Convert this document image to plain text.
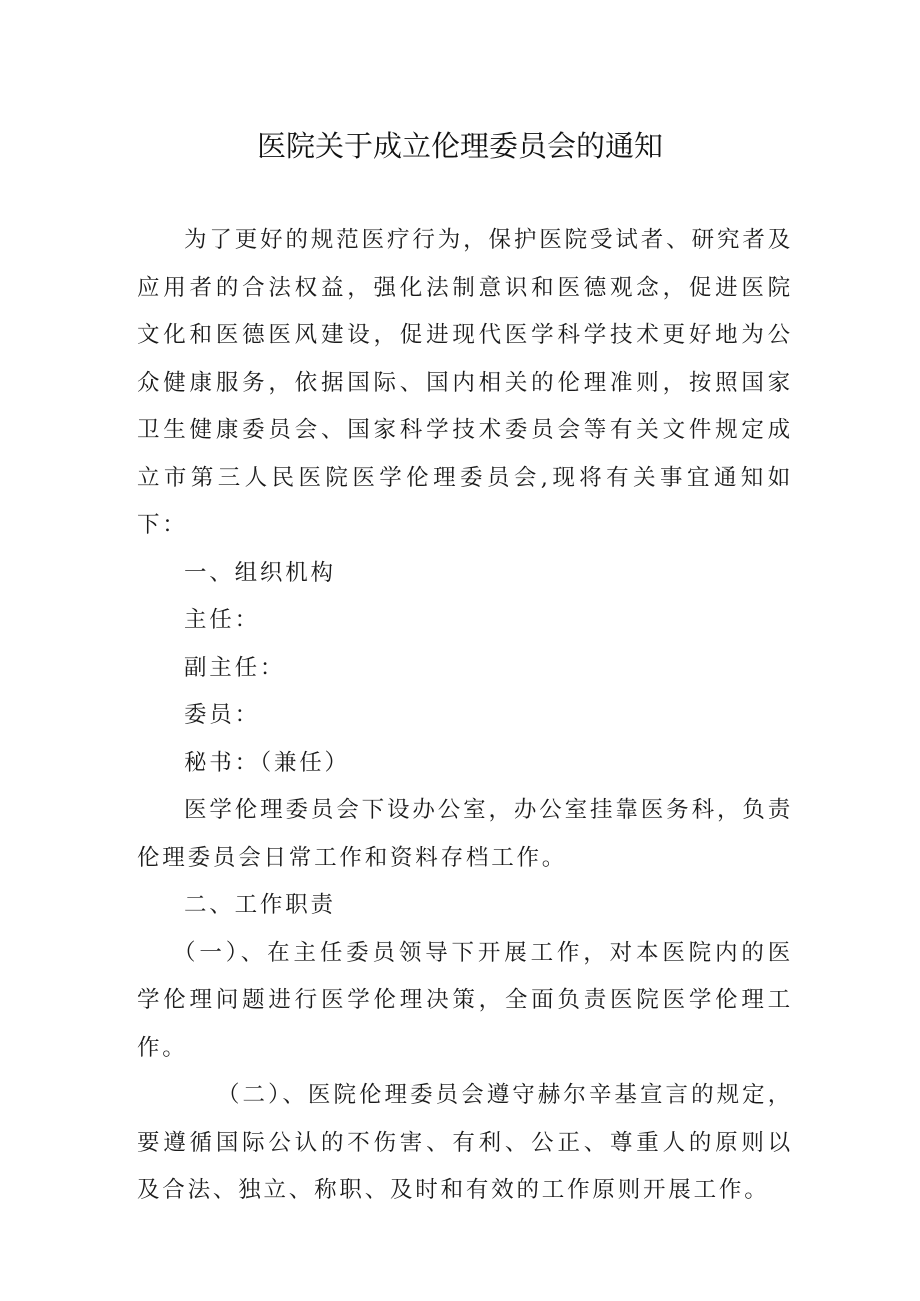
医院关于成立伦理委员会的通知

为了更好的规范医疗行为，保护医院受试者、研究者及应用者的合法权益，强化法制意识和医德观念，促进医院文化和医德医风建设，促进现代医学科学技术更好地为公众健康服务，依据国际、国内相关的伦理准则，按照国家卫生健康委员会、国家科学技术委员会等有关文件规定成立市第三人民医院医学伦理委员会,现将有关事宜通知如下：

一、组织机构

主任：

副主任：

委员：

秘书：（兼任）

医学伦理委员会下设办公室，办公室挂靠医务科，负责伦理委员会日常工作和资料存档工作。

二、工作职责

（一）、在主任委员领导下开展工作，对本医院内的医学伦理问题进行医学伦理决策，全面负责医院医学伦理工作。

（二）、医院伦理委员会遵守赫尔辛基宣言的规定，要遵循国际公认的不伤害、有利、公正、尊重人的原则以及合法、独立、称职、及时和有效的工作原则开展工作。
